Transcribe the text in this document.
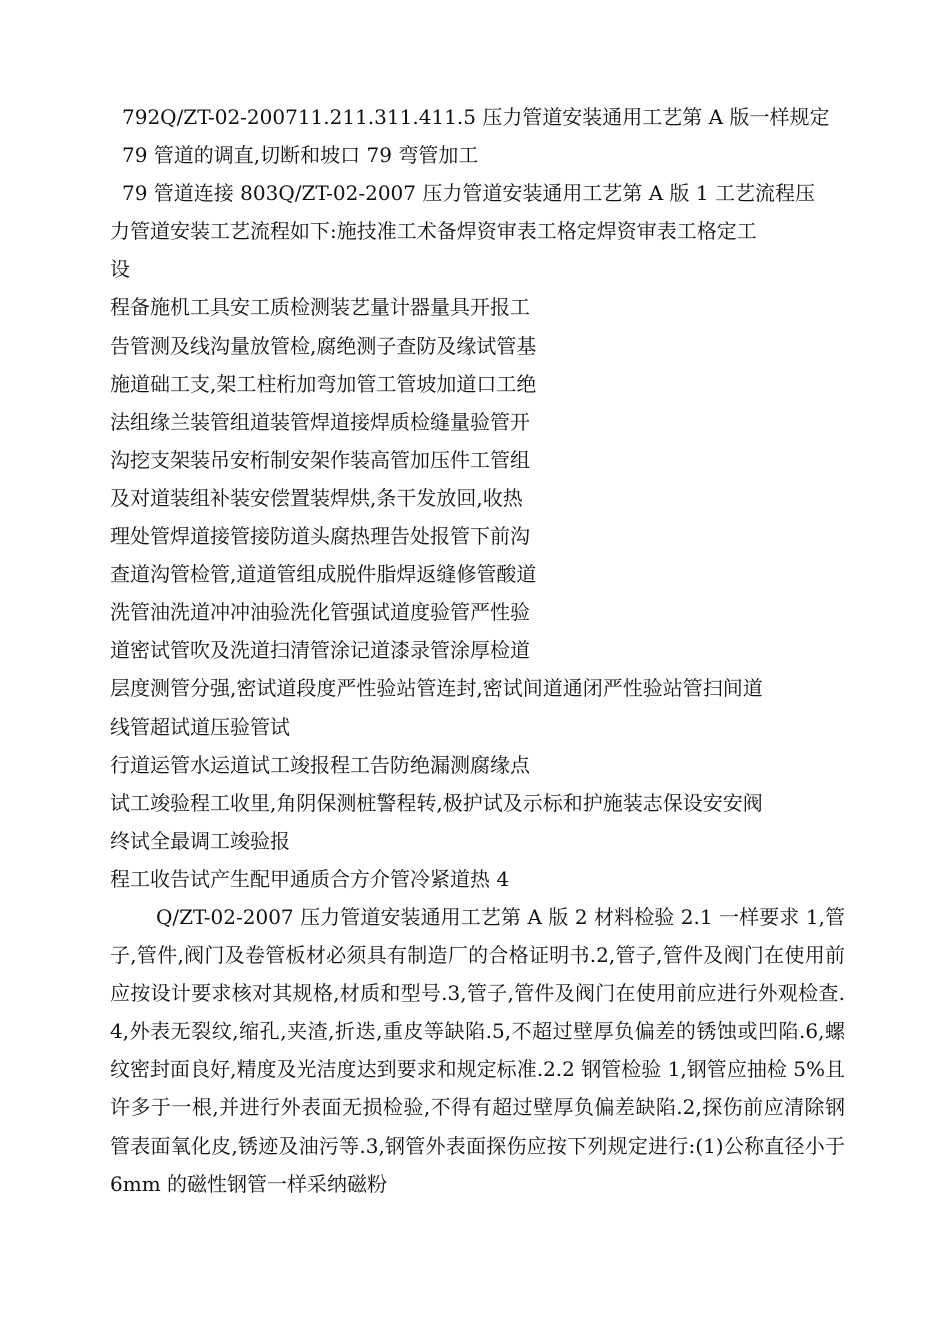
792Q/ZT-02-200711.211.311.411.5 压力管道安装通用工艺第 A 版一样规定
79 管道的调直,切断和坡口 79 弯管加工
79 管道连接 803Q/ZT-02-2007 压力管道安装通用工艺第 A 版 1 工艺流程压
力管道安装工艺流程如下:施技准工术备焊资审表工格定焊资审表工格定工
设
程备施机工具安工质检测装艺量计器量具开报工
告管测及线沟量放管检,腐绝测子查防及缘试管基
施道础工支,架工柱桁加弯加管工管坡加道口工绝
法组缘兰装管组道装管焊道接焊质检缝量验管开
沟挖支架装吊安桁制安架作装高管加压件工管组
及对道装组补装安偿置装焊烘,条干发放回,收热
理处管焊道接管接防道头腐热理告处报管下前沟
查道沟管检管,道道管组成脱件脂焊返缝修管酸道
洗管油洗道冲冲油验洗化管强试道度验管严性验
道密试管吹及洗道扫清管涂记道漆录管涂厚检道
层度测管分强,密试道段度严性验站管连封,密试间道通闭严性验站管扫间道
线管超试道压验管试
行道运管水运道试工竣报程工告防绝漏测腐缘点
试工竣验程工收里,角阴保测桩警程转,极护试及示标和护施装志保设安安阀
终试全最调工竣验报
程工收告试产生配甲通质合方介管冷紧道热 4
Q/ZT-02-2007 压力管道安装通用工艺第 A 版 2 材料检验 2.1 一样要求 1,管子,管件,阀门及卷管板材必须具有制造厂的合格证明书.2,管子,管件及阀门在使用前应按设计要求核对其规格,材质和型号.3,管子,管件及阀门在使用前应进行外观检查.4,外表无裂纹,缩孔,夹渣,折迭,重皮等缺陷.5,不超过壁厚负偏差的锈蚀或凹陷.6,螺纹密封面良好,精度及光洁度达到要求和规定标准.2.2 钢管检验 1,钢管应抽检 5%且许多于一根,并进行外表面无损检验,不得有超过壁厚负偏差缺陷.2,探伤前应清除钢管表面氧化皮,锈迹及油污等.3,钢管外表面探伤应按下列规定进行:(1)公称直径小于 6mm 的磁性钢管一样采纳磁粉
